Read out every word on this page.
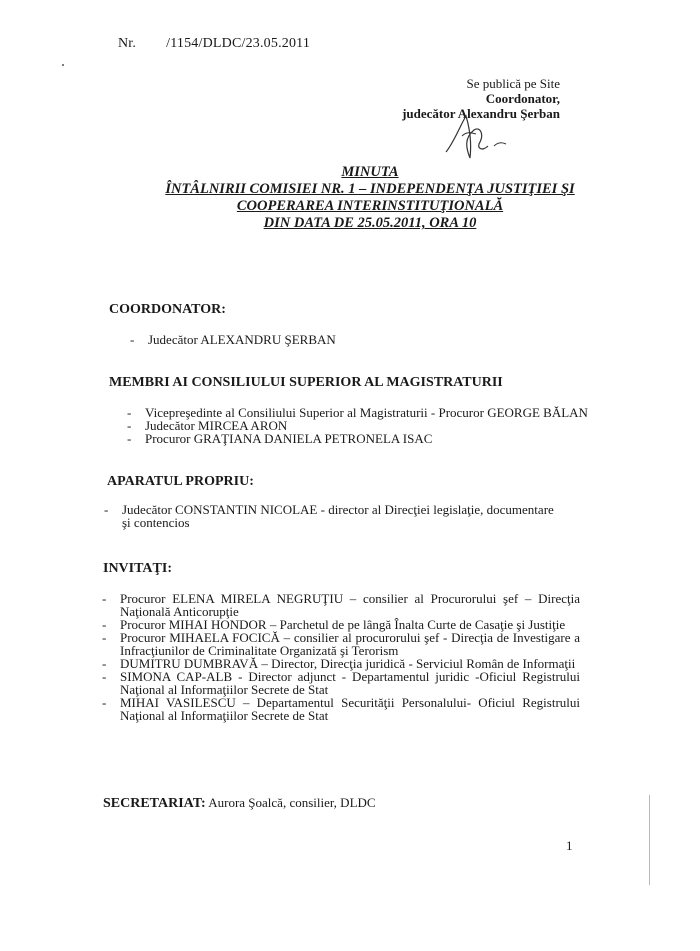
Nr. /1154/DLDC/23.05.2011
Se publică pe Site
Coordonator,
judecător Alexandru Şerban
MINUTA
ÎNTÂLNIRII COMISIEI NR. 1 – INDEPENDENŢA JUSTIŢIEI ŞI
COOPERAREA INTERINSTITUŢIONALĂ
DIN DATA DE 25.05.2011, ORA 10
COORDONATOR:
- Judecător ALEXANDRU ŞERBAN
MEMBRI AI CONSILIULUI SUPERIOR AL MAGISTRATURII
- Vicepreşedinte al Consiliului Superior al Magistraturii - Procuror GEORGE BĂLAN
- Judecător MIRCEA ARON
- Procuror GRAŢIANA DANIELA PETRONELA ISAC
APARATUL PROPRIU:
- Judecător CONSTANTIN NICOLAE - director al Direcţiei legislaţie, documentare şi contencios
INVITAŢI:
- Procuror ELENA MIRELA NEGRUŢIU – consilier al Procurorului şef – Direcţia Naţională Anticorupţie
- Procuror MIHAI HONDOR – Parchetul de pe lângă Înalta Curte de Casaţie şi Justiţie
- Procuror MIHAELA FOCICĂ – consilier al procurorului şef - Direcţia de Investigare a Infracţiunilor de Criminalitate Organizată şi Terorism
- DUMITRU DUMBRAVĂ – Director, Direcţia juridică - Serviciul Român de Informaţii
- SIMONA CAP-ALB - Director adjunct - Departamentul juridic -Oficiul Registrului Naţional al Informaţiilor Secrete de Stat
- MIHAI VASILESCU – Departamentul Securităţii Personalului- Oficiul Registrului Naţional al Informaţiilor Secrete de Stat
SECRETARIAT: Aurora Şoalcă, consilier, DLDC
1
